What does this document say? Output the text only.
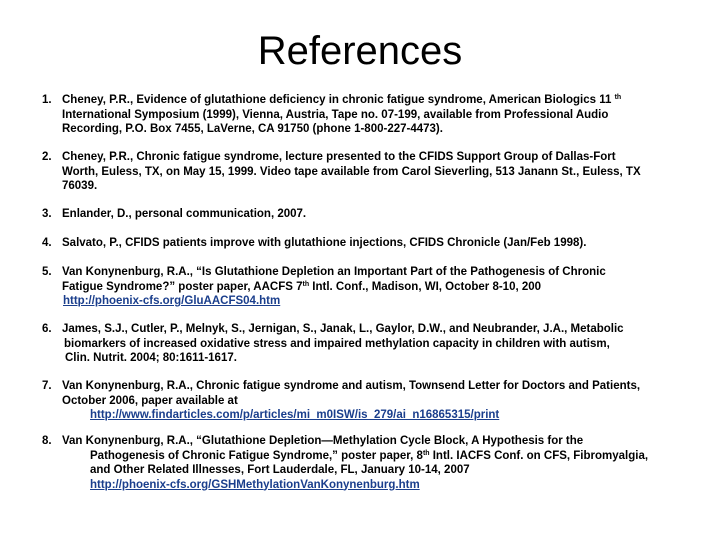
References
1. Cheney, P.R., Evidence of glutathione deficiency in chronic fatigue syndrome, American Biologics 11 $^{th}$
International Symposium (1999), Vienna, Austria, Tape no. 07-199, available from Professional Audio
Recording, P.O. Box 7455, LaVerne, CA 91750 (phone 1-800-227-4473).
2. Cheney, P.R., Chronic fatigue syndrome, lecture presented to the CFIDS Support Group of Dallas-Fort
Worth, Euless, TX, on May 15, 1999. Video tape available from Carol Sieverling, 513 Janann St., Euless, TX
76039.
3. Enlander, D., personal communication, 2007.
4. Salvato, P., CFIDS patients improve with glutathione injections, CFIDS Chronicle (Jan/Feb 1998).
5. Van Konynenburg, R.A., “Is Glutathione Depletion an Important Part of the Pathogenesis of Chronic
Fatigue Syndrome?” poster paper, AACFS 7th Intl. Conf., Madison, WI, October 8-10, 200
http://phoenix-cfs.org/GluAACFS04.htm
6. James, S.J., Cutler, P., Melnyk, S., Jernigan, S., Janak, L., Gaylor, D.W., and Neubrander, J.A., Metabolic
biomarkers of increased oxidative stress and impaired methylation capacity in children with autism,
Clin. Nutrit. 2004; 80:1611-1617.
7. Van Konynenburg, R.A., Chronic fatigue syndrome and autism, Townsend Letter for Doctors and Patients,
October 2006, paper available at
http://www.findarticles.com/p/articles/mi_m0ISW/is_279/ai_n16865315/print
8. Van Konynenburg, R.A., “Glutathione Depletion—Methylation Cycle Block, A Hypothesis for the
Pathogenesis of Chronic Fatigue Syndrome,” poster paper, 8th Intl. IACFS Conf. on CFS, Fibromyalgia,
and Other Related Illnesses, Fort Lauderdale, FL, January 10-14, 2007
http://phoenix-cfs.org/GSHMethylationVanKonynenburg.htm
